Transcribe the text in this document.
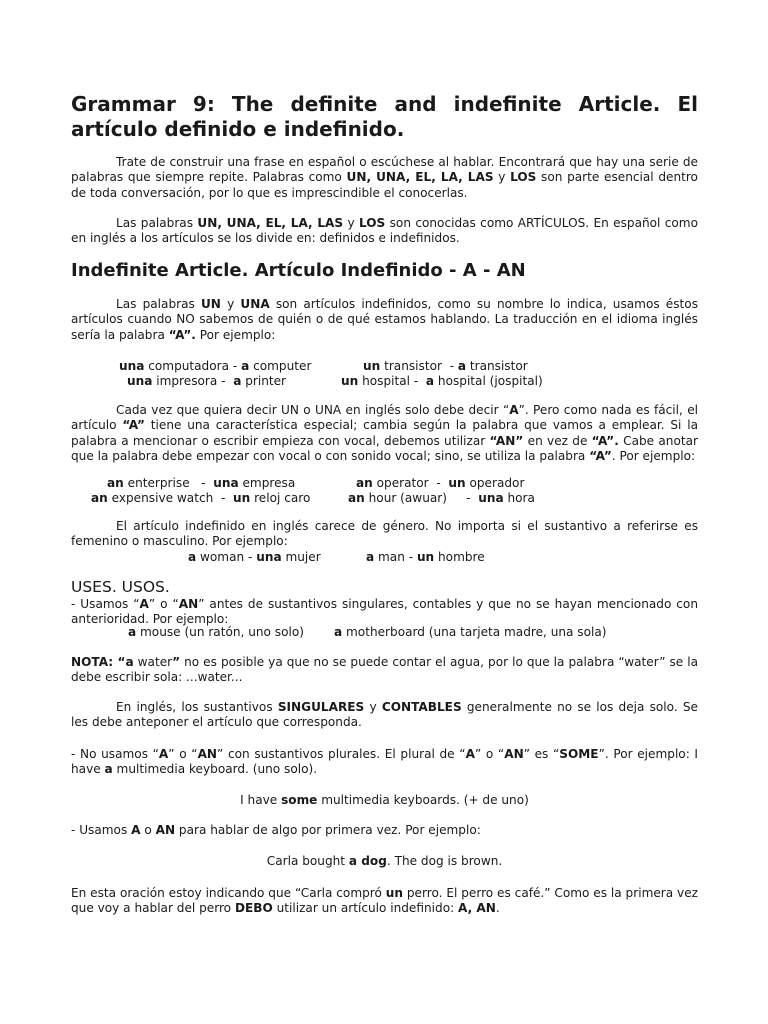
Grammar 9: The definite and indefinite Article. El artículo definido e indefinido.

Trate de construir una frase en español o escúchese al hablar. Encontrará que hay una serie de palabras que siempre repite. Palabras como UN, UNA, EL, LA, LAS y LOS son parte esencial dentro de toda conversación, por lo que es imprescindible el conocerlas.

Las palabras UN, UNA, EL, LA, LAS y LOS son conocidas como ARTÍCULOS. En español como en inglés a los artículos se los divide en: definidos e indefinidos.

Indefinite Article. Artículo Indefinido - A - AN

Las palabras UN y UNA son artículos indefinidos, como su nombre lo indica, usamos éstos artículos cuando NO sabemos de quién o de qué estamos hablando. La traducción en el idioma inglés sería la palabra “A”. Por ejemplo:

una computadora - a computer	un transistor  - a transistor

una impresora -  a printer	un hospital -  a hospital (jospital)

Cada vez que quiera decir UN o UNA en inglés solo debe decir “A”. Pero como nada es fácil, el artículo “A” tiene una característica especial; cambia según la palabra que vamos a emplear. Si la palabra a mencionar o escribir empieza con vocal, debemos utilizar “AN” en vez de “A”. Cabe anotar que la palabra debe empezar con vocal o con sonido vocal; sino, se utiliza la palabra “A”. Por ejemplo:

an enterprise   -  una empresa	an operator  -  un operador

an expensive watch  -  un reloj caro	an hour (awuar)     -  una hora

El artículo indefinido en inglés carece de género. No importa si el sustantivo a referirse es femenino o masculino. Por ejemplo:

a woman - una mujer	a man - un hombre

USES. USOS.

- Usamos “A” o “AN” antes de sustantivos singulares, contables y que no se hayan mencionado con anterioridad. Por ejemplo:

a mouse (un ratón, uno solo) a motherboard (una tarjeta madre, una sola)

NOTA: “a water” no es posible ya que no se puede contar el agua, por lo que la palabra “water” se la debe escribir sola: ...water...

En inglés, los sustantivos SINGULARES y CONTABLES generalmente no se los deja solo. Se les debe anteponer el artículo que corresponda.

- No usamos “A” o “AN” con sustantivos plurales. El plural de “A” o “AN” es “SOME”. Por ejemplo: I have a multimedia keyboard. (uno solo).

I have some multimedia keyboards. (+ de uno)

- Usamos A o AN para hablar de algo por primera vez. Por ejemplo:

Carla bought a dog. The dog is brown.

En esta oración estoy indicando que “Carla compró un perro. El perro es café.” Como es la primera vez que voy a hablar del perro DEBO utilizar un artículo indefinido: A, AN.
